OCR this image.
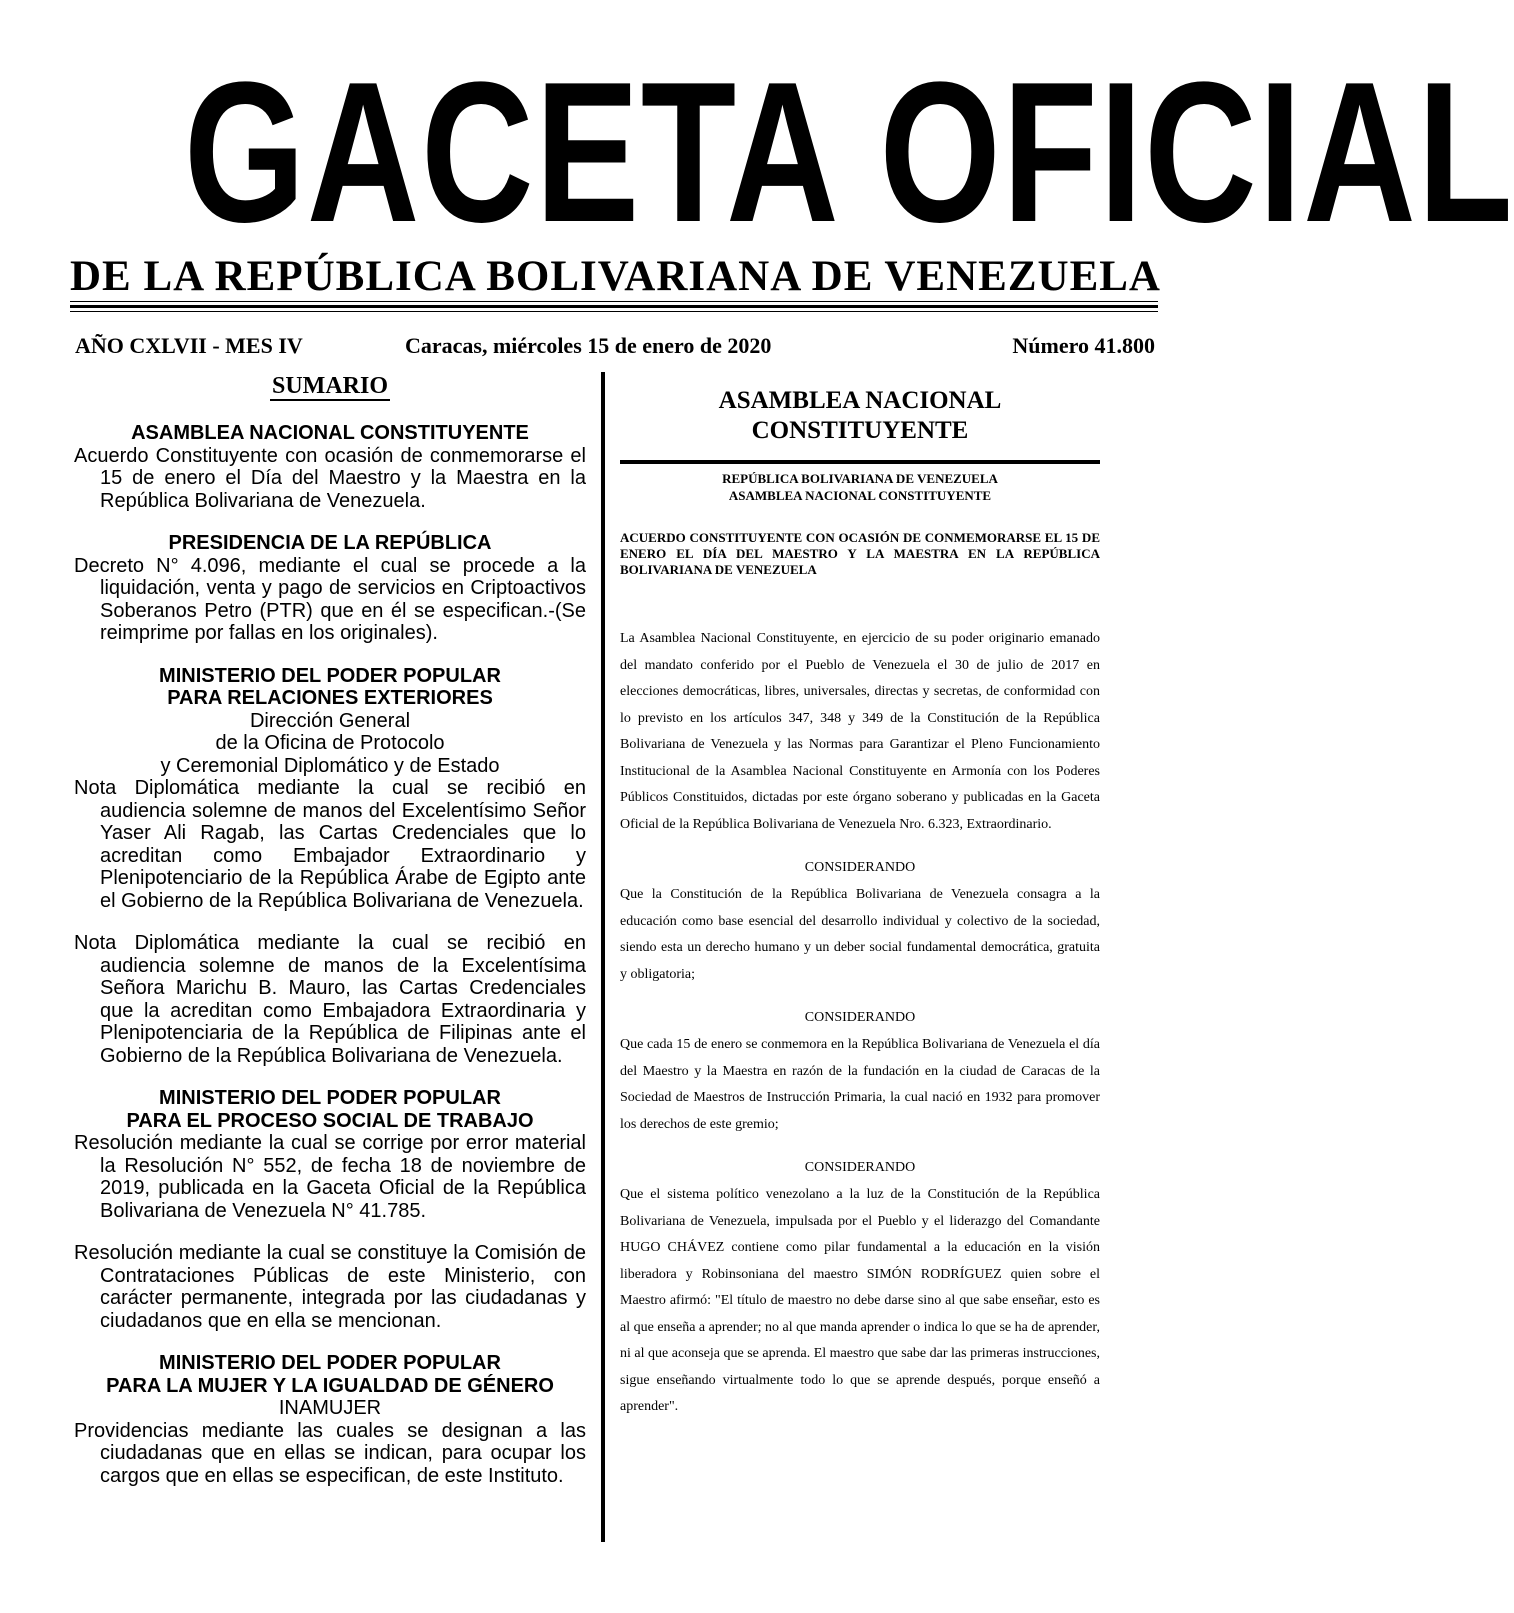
GACETA OFICIAL
DE LA REPÚBLICA BOLIVARIANA DE VENEZUELA
AÑO CXLVII - MES IV	Caracas, miércoles 15 de enero de 2020	Número 41.800
SUMARIO
ASAMBLEA NACIONAL CONSTITUYENTE
Acuerdo Constituyente con ocasión de conmemorarse el 15 de enero el Día del Maestro y la Maestra en la República Bolivariana de Venezuela.
PRESIDENCIA DE LA REPÚBLICA
Decreto N° 4.096, mediante el cual se procede a la liquidación, venta y pago de servicios en Criptoactivos Soberanos Petro (PTR) que en él se especifican.-(Se reimprime por fallas en los originales).
MINISTERIO DEL PODER POPULAR
PARA RELACIONES EXTERIORES
Dirección General
de la Oficina de Protocolo
y Ceremonial Diplomático y de Estado
Nota Diplomática mediante la cual se recibió en audiencia solemne de manos del Excelentísimo Señor Yaser Ali Ragab, las Cartas Credenciales que lo acreditan como Embajador Extraordinario y Plenipotenciario de la República Árabe de Egipto ante el Gobierno de la República Bolivariana de Venezuela.
Nota Diplomática mediante la cual se recibió en audiencia solemne de manos de la Excelentísima Señora Marichu B. Mauro, las Cartas Credenciales que la acreditan como Embajadora Extraordinaria y Plenipotenciaria de la República de Filipinas ante el Gobierno de la República Bolivariana de Venezuela.
MINISTERIO DEL PODER POPULAR
PARA EL PROCESO SOCIAL DE TRABAJO
Resolución mediante la cual se corrige por error material la Resolución N° 552, de fecha 18 de noviembre de 2019, publicada en la Gaceta Oficial de la República Bolivariana de Venezuela N° 41.785.
Resolución mediante la cual se constituye la Comisión de Contrataciones Públicas de este Ministerio, con carácter permanente, integrada por las ciudadanas y ciudadanos que en ella se mencionan.
MINISTERIO DEL PODER POPULAR
PARA LA MUJER Y LA IGUALDAD DE GÉNERO
INAMUJER
Providencias mediante las cuales se designan a las ciudadanas que en ellas se indican, para ocupar los cargos que en ellas se especifican, de este Instituto.
ASAMBLEA NACIONAL CONSTITUYENTE
REPÚBLICA BOLIVARIANA DE VENEZUELA
ASAMBLEA NACIONAL CONSTITUYENTE
ACUERDO CONSTITUYENTE CON OCASIÓN DE CONMEMORARSE EL 15 DE ENERO EL DÍA DEL MAESTRO Y LA MAESTRA EN LA REPÚBLICA BOLIVARIANA DE VENEZUELA

La Asamblea Nacional Constituyente, en ejercicio de su poder originario emanado del mandato conferido por el Pueblo de Venezuela el 30 de julio de 2017 en elecciones democráticas, libres, universales, directas y secretas, de conformidad con lo previsto en los artículos 347, 348 y 349 de la Constitución de la República Bolivariana de Venezuela y las Normas para Garantizar el Pleno Funcionamiento Institucional de la Asamblea Nacional Constituyente en Armonía con los Poderes Públicos Constituidos, dictadas por este órgano soberano y publicadas en la Gaceta Oficial de la República Bolivariana de Venezuela Nro. 6.323, Extraordinario.

CONSIDERANDO

Que la Constitución de la República Bolivariana de Venezuela consagra a la educación como base esencial del desarrollo individual y colectivo de la sociedad, siendo esta un derecho humano y un deber social fundamental democrática, gratuita y obligatoria;

CONSIDERANDO

Que cada 15 de enero se conmemora en la República Bolivariana de Venezuela el día del Maestro y la Maestra en razón de la fundación en la ciudad de Caracas de la Sociedad de Maestros de Instrucción Primaria, la cual nació en 1932 para promover los derechos de este gremio;

CONSIDERANDO

Que el sistema político venezolano a la luz de la Constitución de la República Bolivariana de Venezuela, impulsada por el Pueblo y el liderazgo del Comandante HUGO CHÁVEZ contiene como pilar fundamental a la educación en la visión liberadora y Robinsoniana del maestro SIMÓN RODRÍGUEZ quien sobre el Maestro afirmó: "El título de maestro no debe darse sino al que sabe enseñar, esto es al que enseña a aprender; no al que manda aprender o indica lo que se ha de aprender, ni al que aconseja que se aprenda. El maestro que sabe dar las primeras instrucciones, sigue enseñando virtualmente todo lo que se aprende después, porque enseñó a aprender".
